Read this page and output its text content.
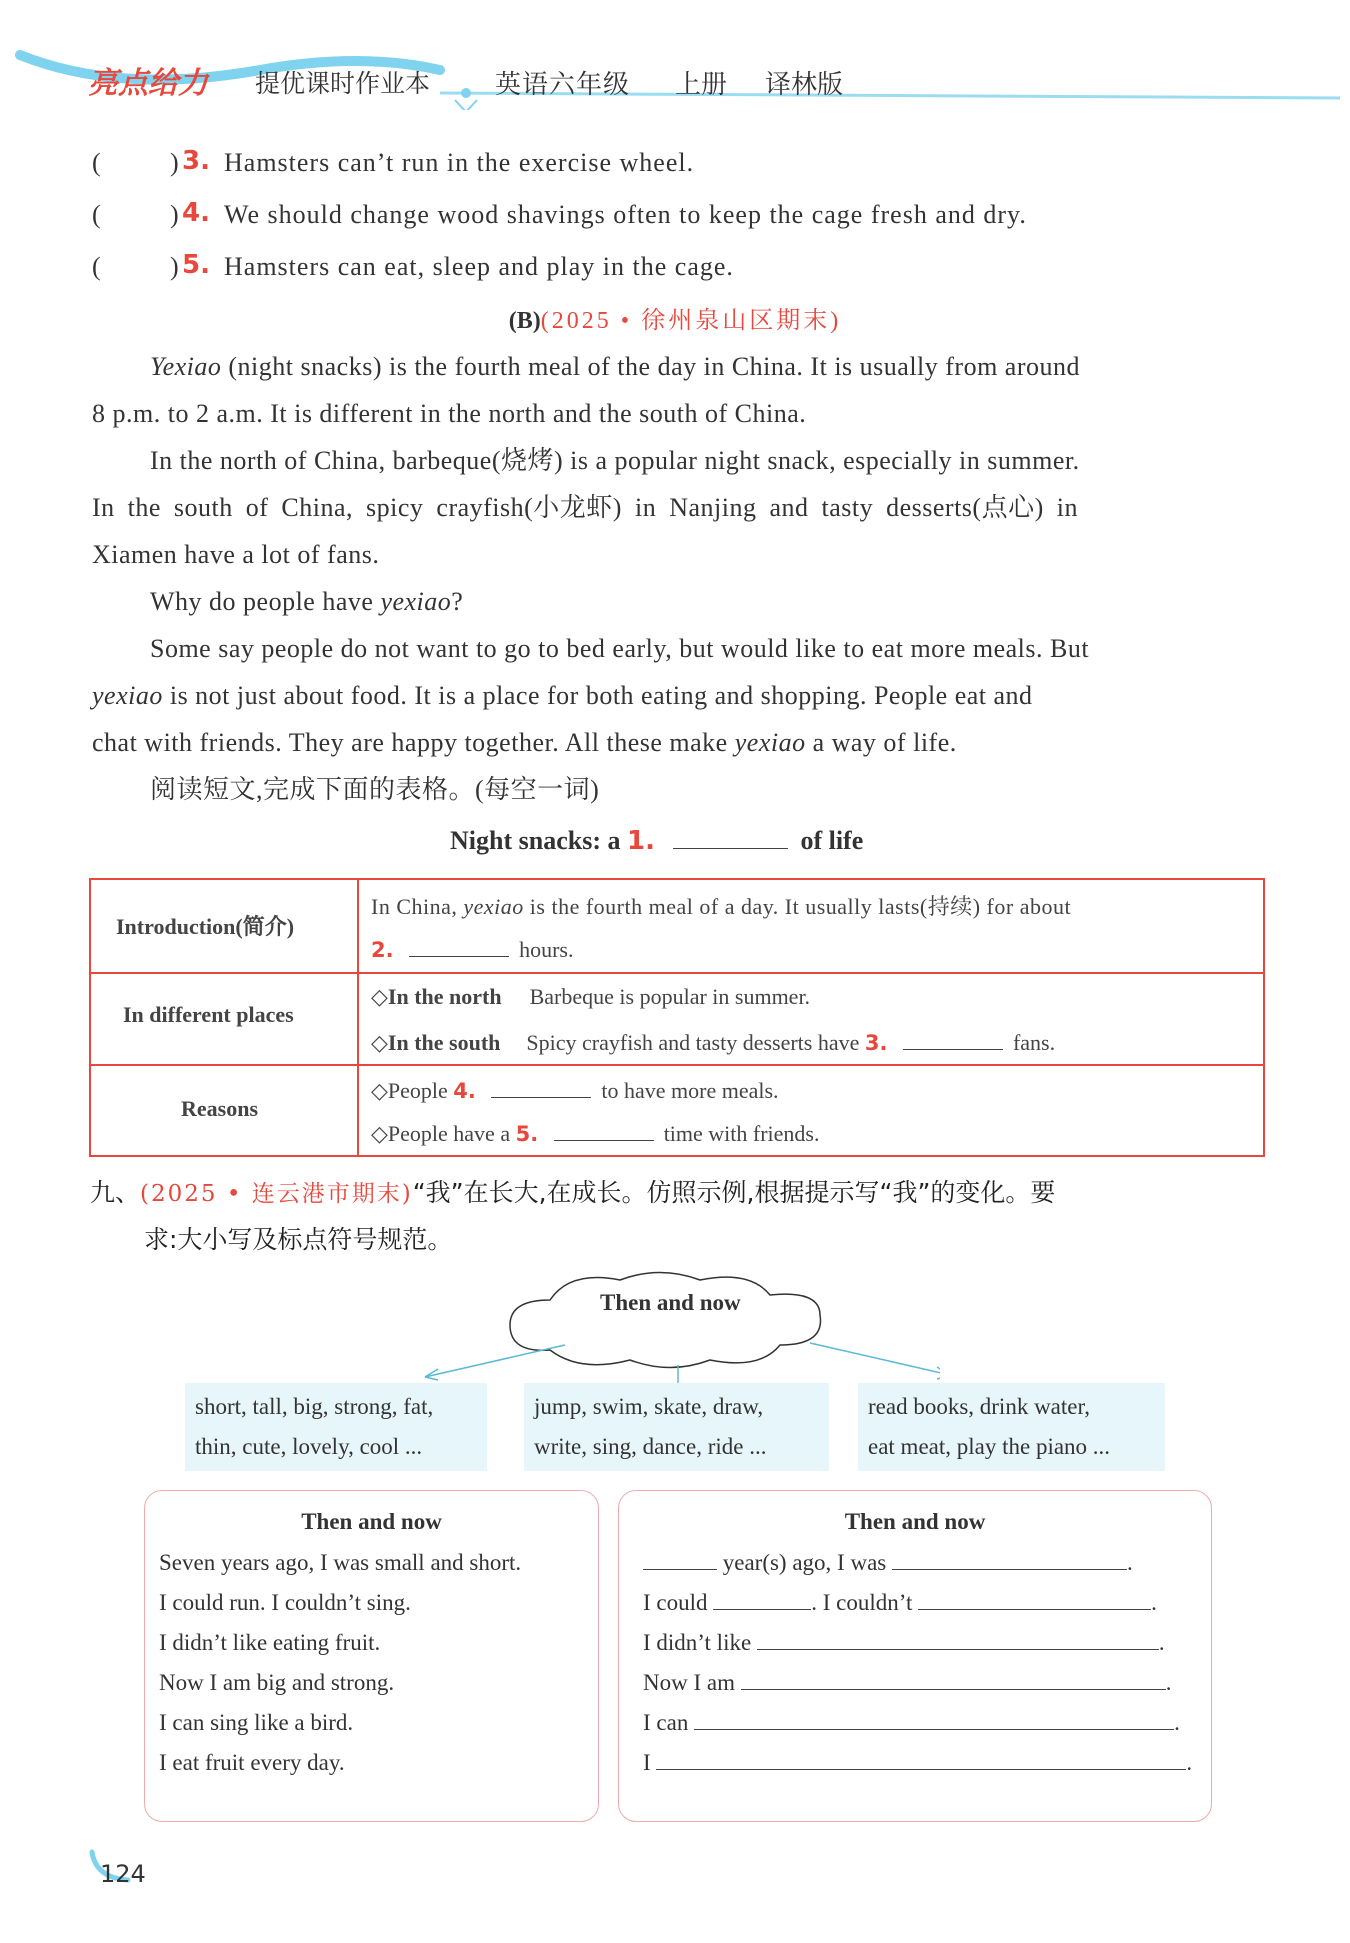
亮点给力 提优课时作业本 英语六年级 上册 译林版
(	) 3. Hamsters can’t run in the exercise wheel.
(	) 4. We should change wood shavings often to keep the cage fresh and dry.
(	) 5. Hamsters can eat, sleep and play in the cage.
(B)(2025 • 徐州泉山区期末)
Yexiao (night snacks) is the fourth meal of the day in China. It is usually from around
8 p.m. to 2 a.m. It is different in the north and the south of China.
In the north of China, barbeque(烧烤) is a popular night snack, especially in summer.
In the south of China, spicy crayfish(小龙虾) in Nanjing and tasty desserts(点心) in
Xiamen have a lot of fans.
Why do people have yexiao?
Some say people do not want to go to bed early, but would like to eat more meals. But
yexiao is not just about food. It is a place for both eating and shopping. People eat and
chat with friends. They are happy together. All these make yexiao a way of life.
阅读短文,完成下面的表格。(每空一词)
Night snacks: a 1.	of life
Introduction(简介)
In China, yexiao is the fourth meal of a day. It usually lasts(持续) for about
2.	hours.
In different places
◇In the north Barbeque is popular in summer.
◇In the south Spicy crayfish and tasty desserts have 3.	fans.
Reasons
◇People 4.	to have more meals.
◇People have a 5.	time with friends.
九、(2025 • 连云港市期末)“我”在长大,在成长。仿照示例,根据提示写“我”的变化。要
求:大小写及标点符号规范。
Then and now
short, tall, big, strong, fat,
thin, cute, lovely, cool ...
jump, swim, skate, draw,
write, sing, dance, ride ...
read books, drink water,
eat meat, play the piano ...
Then and now
Seven years ago, I was small and short.
I could run. I couldn’t sing.
I didn’t like eating fruit.
Now I am big and strong.
I can sing like a bird.
I eat fruit every day.
Then and now
year(s) ago, I was	.
I could	. I couldn’t	.
I didn’t like	.
Now I am	.
I can	.
I	.
124
